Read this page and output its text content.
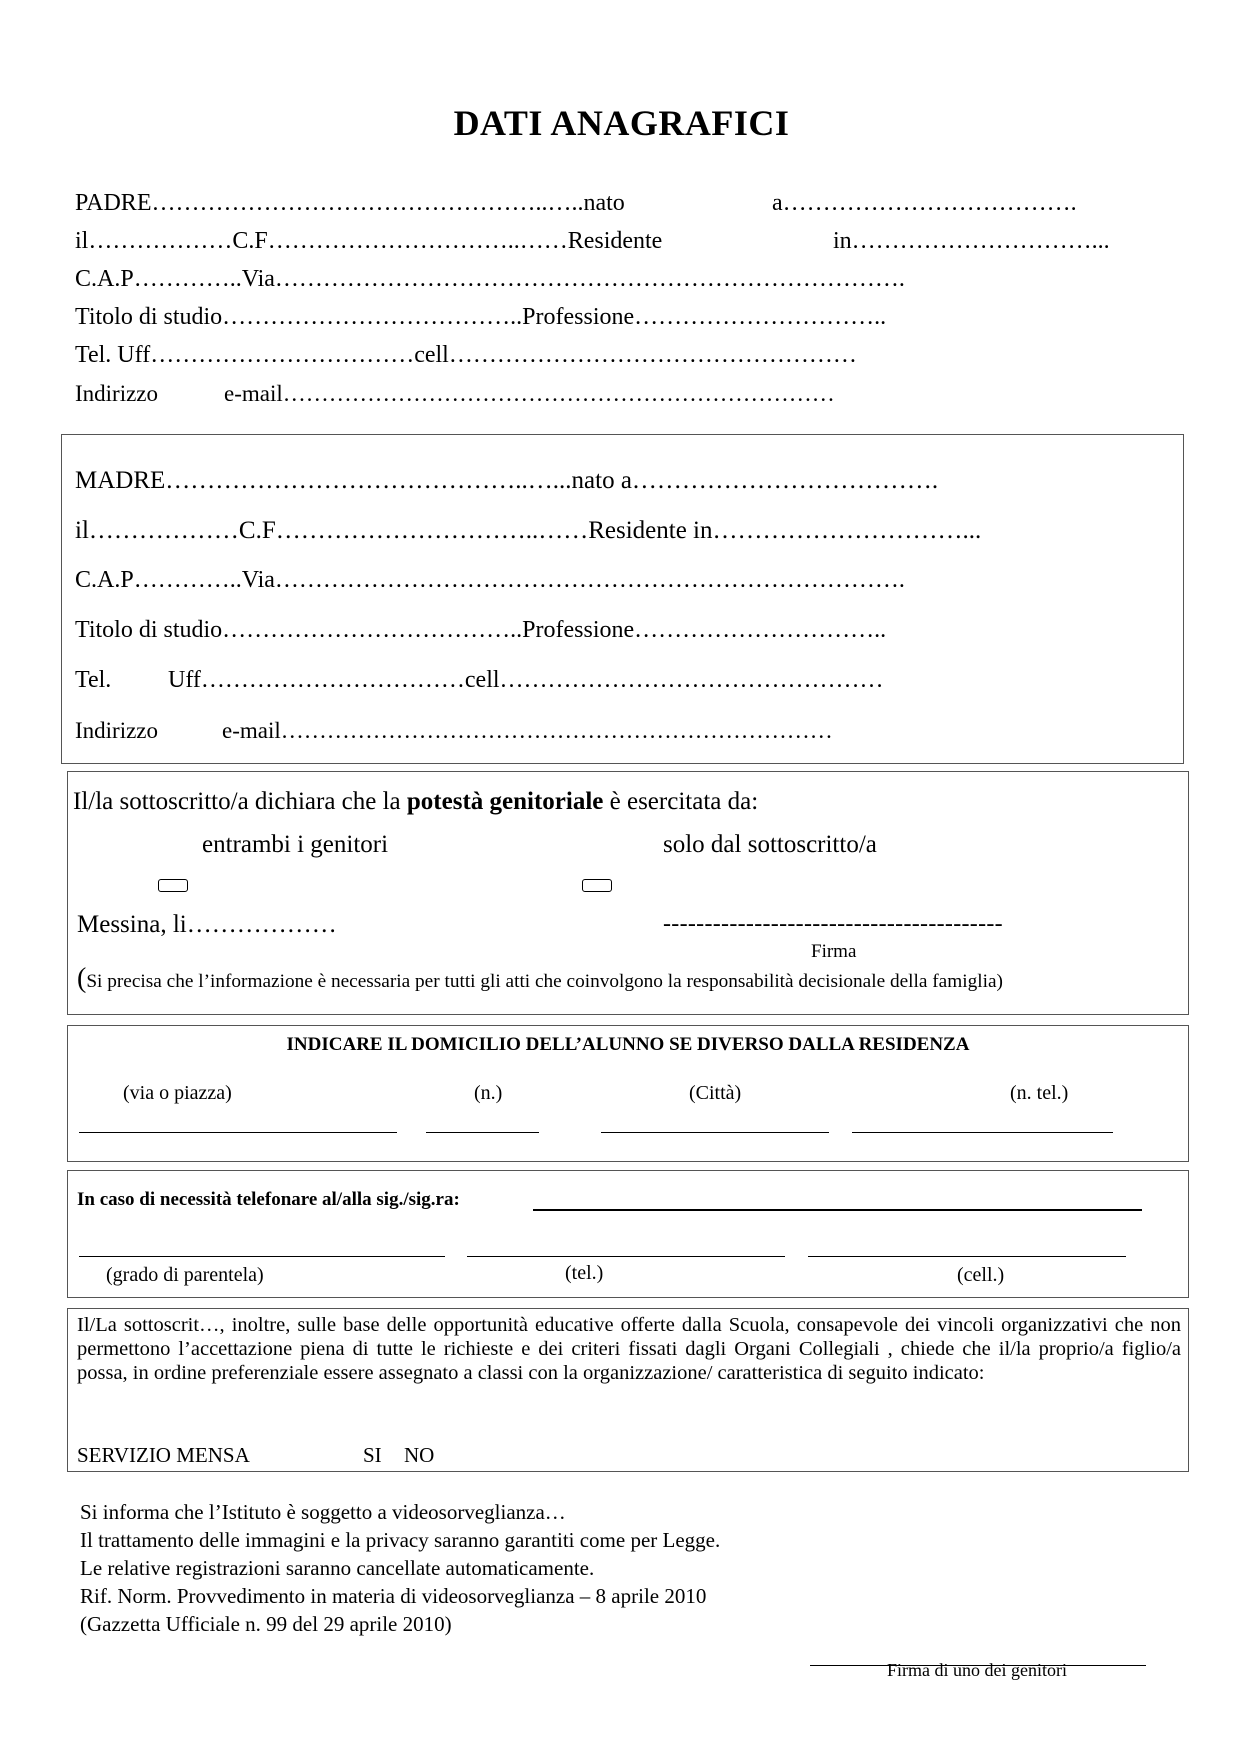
DATI ANAGRAFICI
PADRE…………………………………………..…..nato	a……………………………….
il………………C.F…………………………..……Residente	in…………………………...
C.A.P…………..Via…………………………………………………………………….
Titolo di studio………………………………..Professione…………………………..
Tel. Uff……………………………cell……………………………………………
Indirizzo	e-mail………………………………………………………………
MADRE……………………………………..…...nato a……………………………….
il………………C.F…………………………..……Residente in…………………………...
C.A.P…………..Via…………………………………………………………………….
Titolo di studio………………………………..Professione…………………………..
Tel. Uff……………………………cell…………………………………………
Indirizzo	e-mail………………………………………………………………
Il/la sottoscritto/a dichiara che la potestà genitoriale è esercitata da:
entrambi i genitori	solo dal sottoscritto/a
Messina, li………………	-----------------------------------------
Firma
(Si precisa che l’informazione è necessaria per tutti gli atti che coinvolgono la responsabilità decisionale della famiglia)
INDICARE IL DOMICILIO DELL’ALUNNO SE DIVERSO DALLA RESIDENZA
(via o piazza)	(n.)	(Città)	(n. tel.)
In caso di necessità telefonare al/alla sig./sig.ra:
(grado di parentela)	(tel.)	(cell.)
Il/La sottoscrit…, inoltre, sulle base delle opportunità educative offerte dalla Scuola, consapevole dei vincoli organizzativi che non permettono l’accettazione piena di tutte le richieste e dei criteri fissati dagli Organi Collegiali , chiede che il/la proprio/a figlio/a possa, in ordine preferenziale essere assegnato a classi con la organizzazione/ caratteristica di seguito indicato:
SERVIZIO MENSA	SI NO
Si informa che l’Istituto è soggetto a videosorveglianza…
Il trattamento delle immagini e la privacy saranno garantiti come per Legge.
Le relative registrazioni saranno cancellate automaticamente.
Rif. Norm. Provvedimento in materia di videosorveglianza – 8 aprile 2010
(Gazzetta Ufficiale n. 99 del 29 aprile 2010)
Firma di uno dei genitori
